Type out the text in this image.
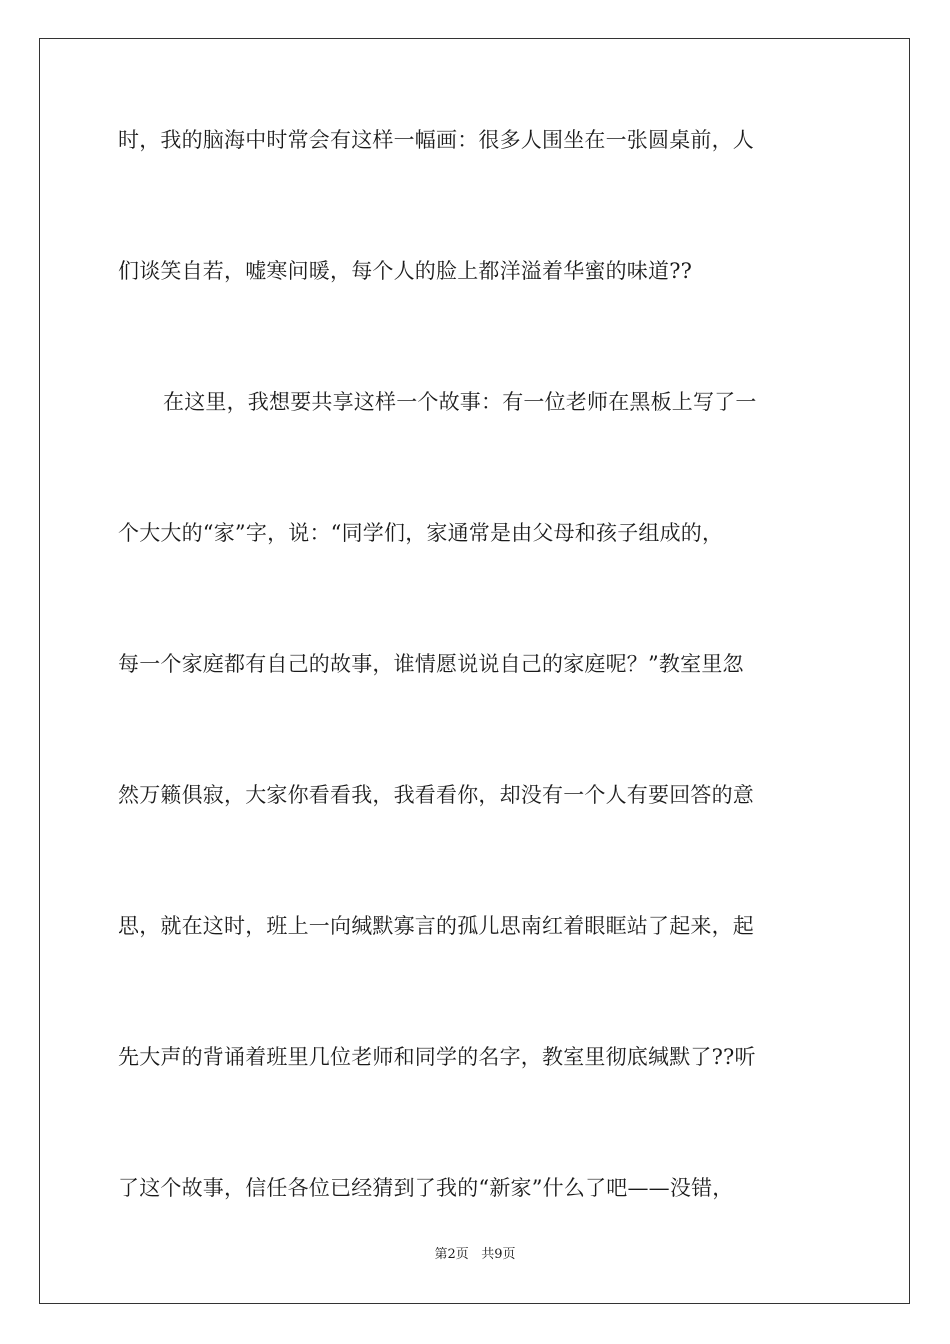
时，我的脑海中时常会有这样一幅画：很多人围坐在一张圆桌前，人

们谈笑自若，嘘寒问暖，每个人的脸上都洋溢着华蜜的味道??

在这里，我想要共享这样一个故事：有一位老师在黑板上写了一

个大大的“家”字，说：“同学们，家通常是由父母和孩子组成的，

每一个家庭都有自己的故事，谁情愿说说自己的家庭呢？”教室里忽

然万籁俱寂，大家你看看我，我看看你，却没有一个人有要回答的意

思，就在这时，班上一向缄默寡言的孤儿思南红着眼眶站了起来，起

先大声的背诵着班里几位老师和同学的名字，教室里彻底缄默了??听

了这个故事，信任各位已经猜到了我的“新家”什么了吧——没错，

第2页 共9页
